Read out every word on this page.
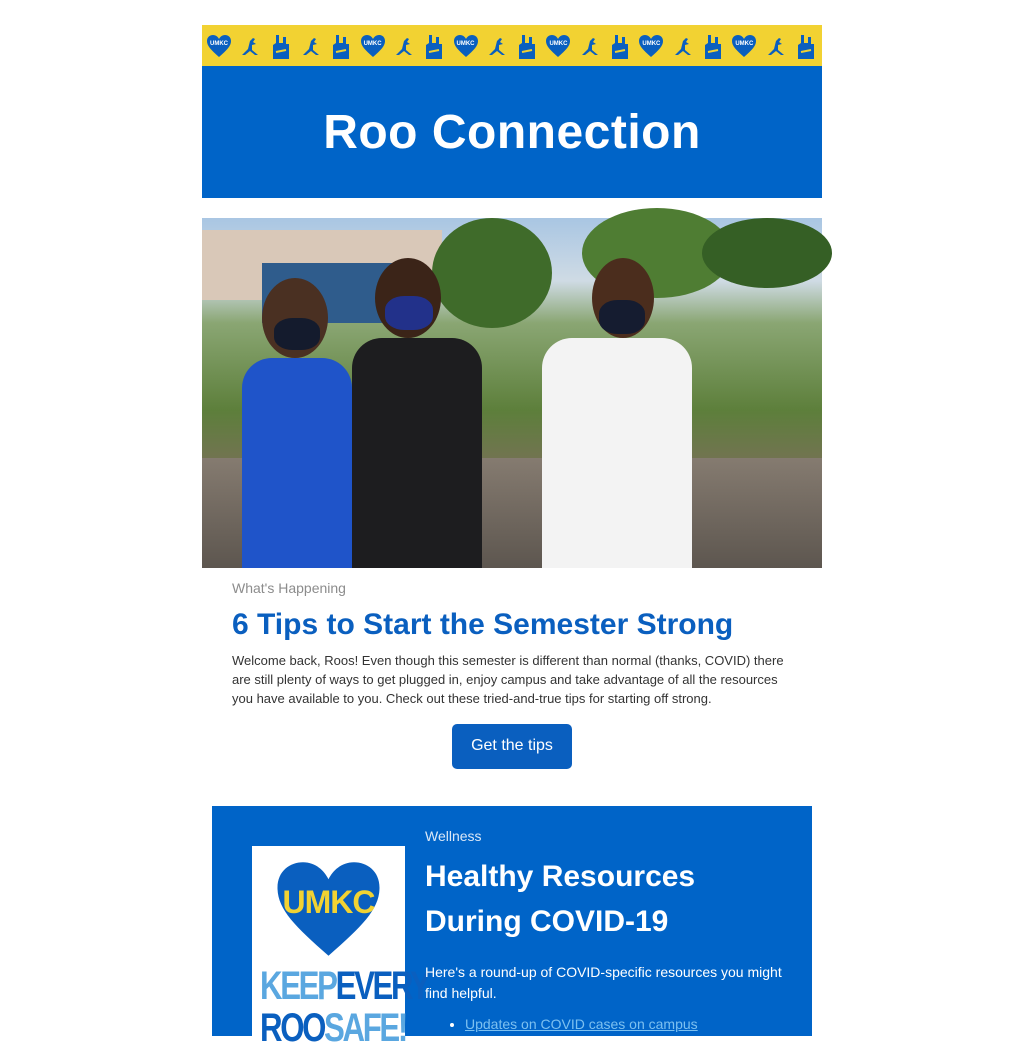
UMKC	UMKC	UMKC	UMKC	UMKC	UMKC
Roo Connection
What's Happening
6 Tips to Start the Semester Strong
Welcome back, Roos! Even though this semester is different than normal (thanks, COVID) there are still plenty of ways to get plugged in, enjoy campus and take advantage of all the resources you have available to you. Check out these tried-and-true tips for starting off strong.
Get the tips
UMKC
KEEPEVERY
ROOSAFE!
Wellness
Healthy Resources During COVID-19
Here's a round-up of COVID-specific resources you might find helpful.
• Updates on COVID cases on campus
